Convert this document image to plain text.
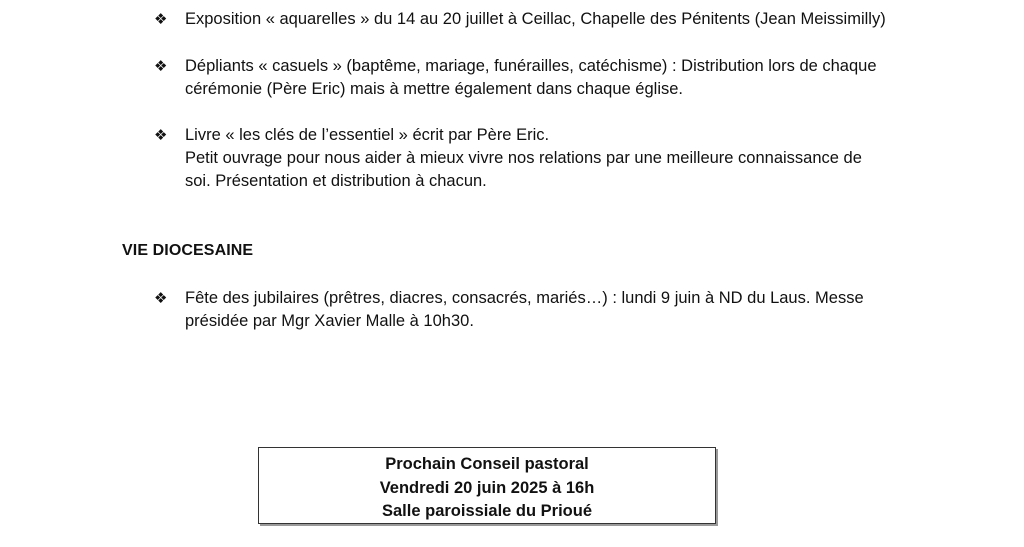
❖	Exposition « aquarelles » du 14 au 20 juillet à Ceillac, Chapelle des Pénitents (Jean Meissimilly)
❖	Dépliants « casuels » (baptême, mariage, funérailles, catéchisme) : Distribution lors de chaque
cérémonie (Père Eric) mais à mettre également dans chaque église.
❖	Livre « les clés de l’essentiel » écrit par Père Eric.
Petit ouvrage pour nous aider à mieux vivre nos relations par une meilleure connaissance de
soi. Présentation et distribution à chacun.
VIE DIOCESAINE
❖	Fête des jubilaires (prêtres, diacres, consacrés, mariés…) : lundi 9 juin à ND du Laus. Messe
présidée par Mgr Xavier Malle à 10h30.
Prochain Conseil pastoral
Vendredi 20 juin 2025 à 16h
Salle paroissiale du Prioué
